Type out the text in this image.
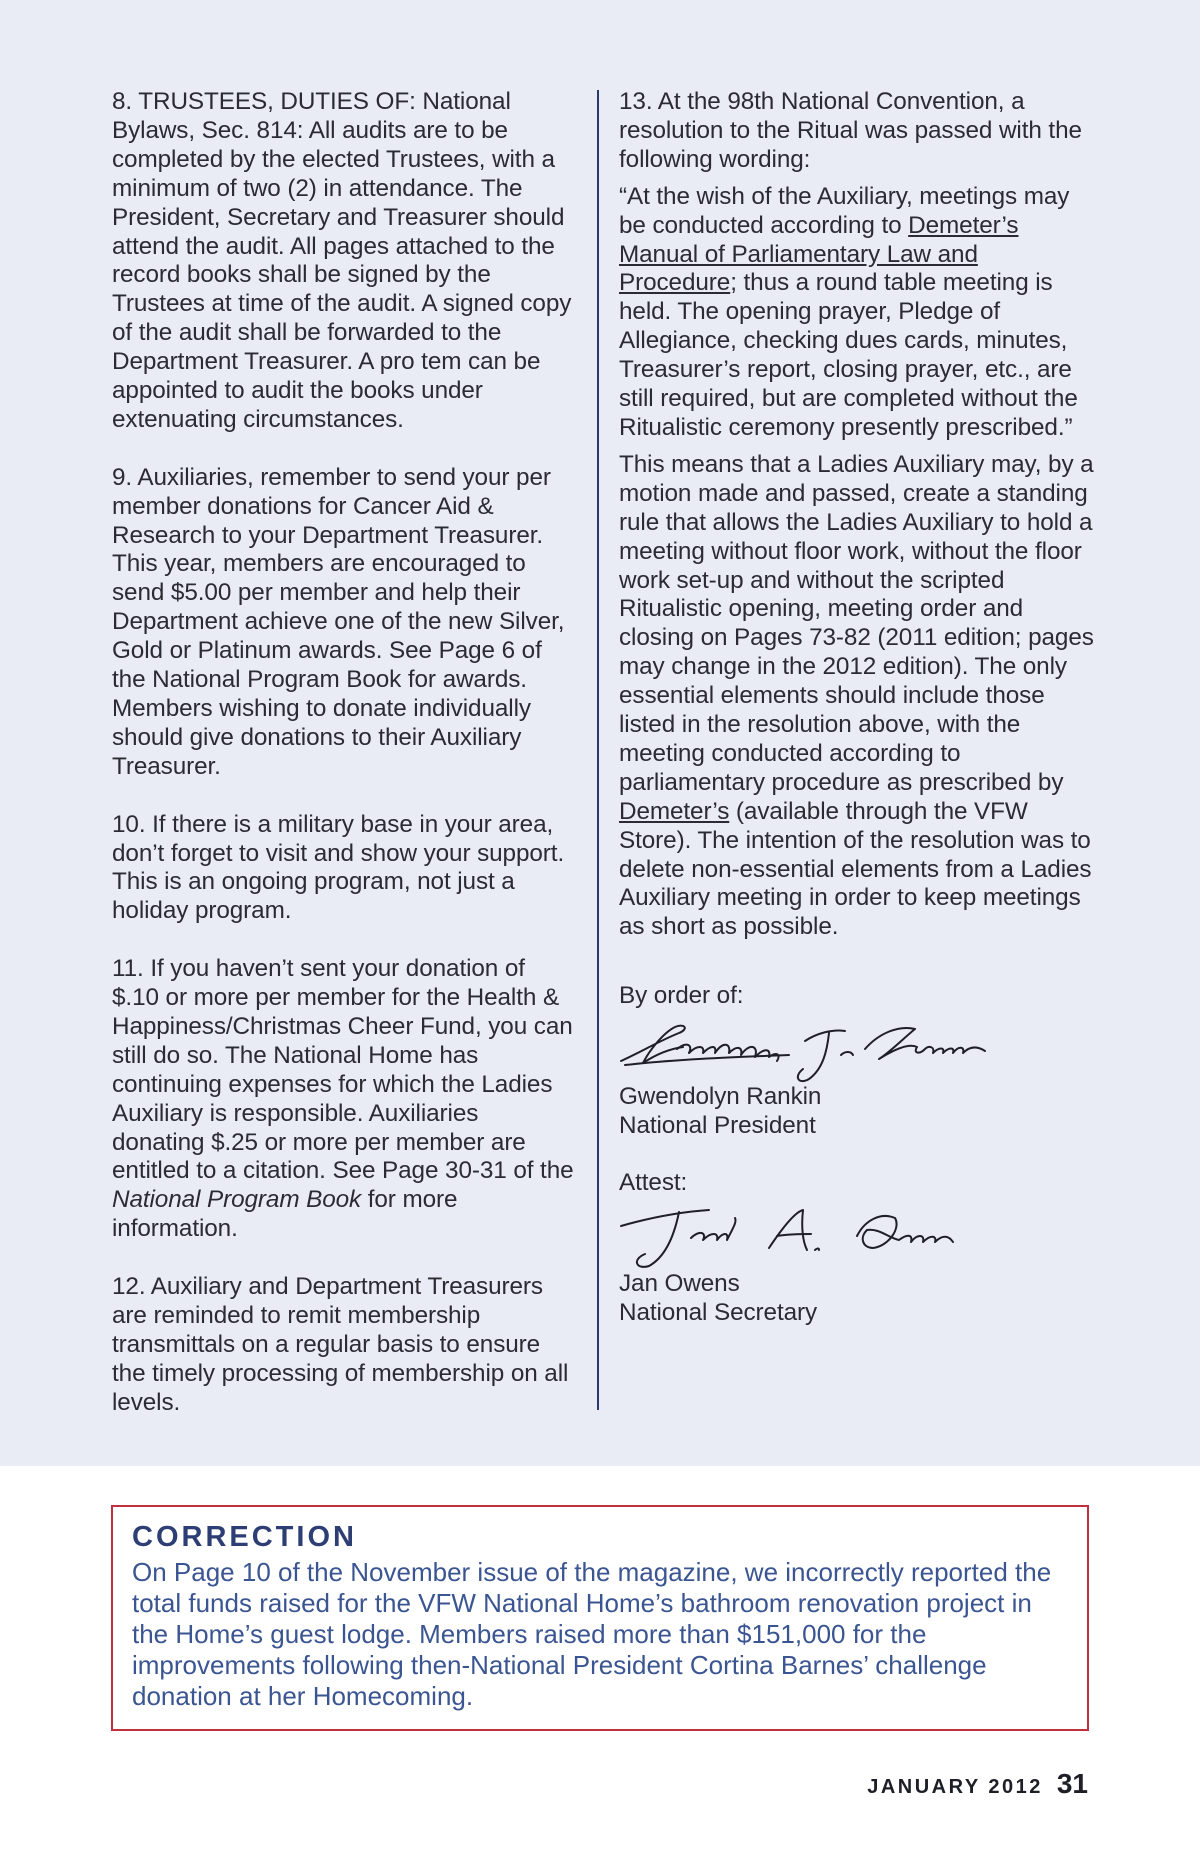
8. TRUSTEES, DUTIES OF: National Bylaws, Sec. 814: All audits are to be completed by the elected Trustees, with a minimum of two (2) in attendance. The President, Secretary and Treasurer should attend the audit. All pages attached to the record books shall be signed by the Trustees at time of the audit. A signed copy of the audit shall be forwarded to the Department Treasurer. A pro tem can be appointed to audit the books under extenuating circumstances.

9. Auxiliaries, remember to send your per member donations for Cancer Aid & Research to your Department Treasurer. This year, members are encouraged to send $5.00 per member and help their Department achieve one of the new Silver, Gold or Platinum awards. See Page 6 of the National Program Book for awards. Members wishing to donate individually should give donations to their Auxiliary Treasurer.

10. If there is a military base in your area, don’t forget to visit and show your support. This is an ongoing program, not just a holiday program.

11. If you haven’t sent your donation of $.10 or more per member for the Health & Happiness/Christmas Cheer Fund, you can still do so. The National Home has continuing expenses for which the Ladies Auxiliary is responsible. Auxiliaries donating $.25 or more per member are entitled to a citation. See Page 30-31 of the National Program Book for more information.

12. Auxiliary and Department Treasurers are reminded to remit membership transmittals on a regular basis to ensure the timely processing of membership on all levels.

13. At the 98th National Convention, a resolution to the Ritual was passed with the following wording:

“At the wish of the Auxiliary, meetings may be conducted according to Demeter’s Manual of Parliamentary Law and Procedure; thus a round table meeting is held. The opening prayer, Pledge of Allegiance, checking dues cards, minutes, Treasurer’s report, closing prayer, etc., are still required, but are completed without the Ritualistic ceremony presently prescribed.”

This means that a Ladies Auxiliary may, by a motion made and passed, create a standing rule that allows the Ladies Auxiliary to hold a meeting without floor work, without the floor work set-up and without the scripted Ritualistic opening, meeting order and closing on Pages 73-82 (2011 edition; pages may change in the 2012 edition). The only essential elements should include those listed in the resolution above, with the meeting conducted according to parliamentary procedure as prescribed by Demeter’s (available through the VFW Store). The intention of the resolution was to delete non-essential elements from a Ladies Auxiliary meeting in order to keep meetings as short as possible.

By order of:

Gwendolyn Rankin

National President

Attest:

Jan Owens

National Secretary

CORRECTION
On Page 10 of the November issue of the magazine, we incorrectly reported the total funds raised for the VFW National Home’s bathroom renovation project in the Home’s guest lodge. Members raised more than $151,000 for the improvements following then-National President Cortina Barnes’ challenge donation at her Homecoming.
JANUARY 2012 31
